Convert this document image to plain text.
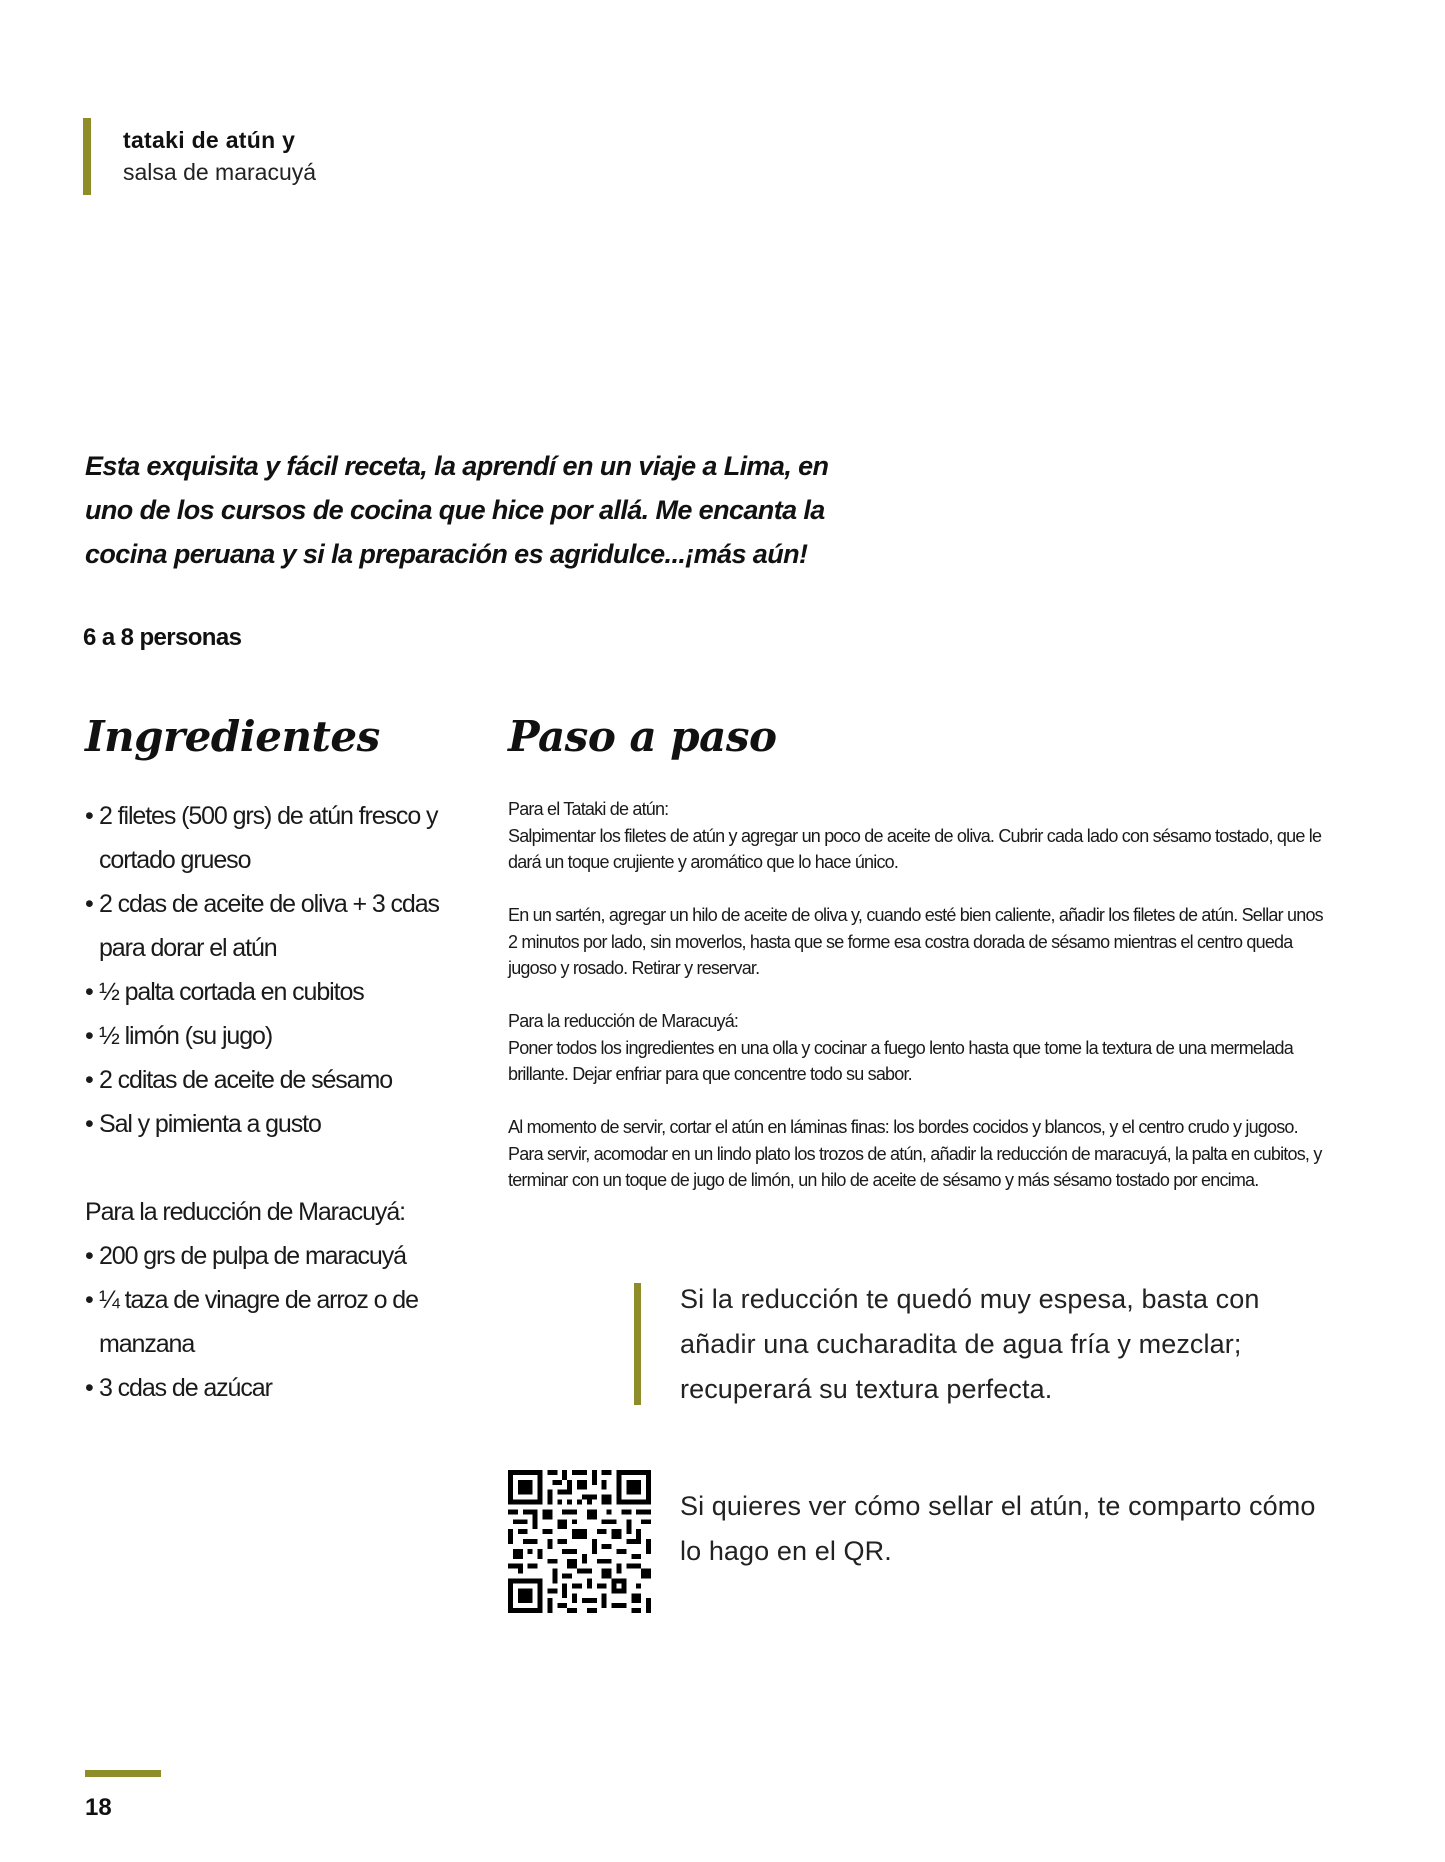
tataki de atún y
salsa de maracuyá
Esta exquisita y fácil receta, la aprendí en un viaje a Lima, en
uno de los cursos de cocina que hice por allá. Me encanta la
cocina peruana y si la preparación es agridulce...¡más aún!
6 a 8 personas
Ingredientes	Paso a paso
• 2 filetes (500 grs) de atún fresco y cortado grueso
• 2 cdas de aceite de oliva + 3 cdas para dorar el atún
• ½ palta cortada en cubitos
• ½ limón (su jugo)
• 2 cditas de aceite de sésamo
• Sal y pimienta a gusto
Para la reducción de Maracuyá:
• 200 grs de pulpa de maracuyá
• ¼ taza de vinagre de arroz o de manzana
• 3 cdas de azúcar

Para el Tataki de atún:
Salpimentar los filetes de atún y agregar un poco de aceite de oliva. Cubrir cada lado con sésamo tostado, que le dará un toque crujiente y aromático que lo hace único.

En un sartén, agregar un hilo de aceite de oliva y, cuando esté bien caliente, añadir los filetes de atún. Sellar unos 2 minutos por lado, sin moverlos, hasta que se forme esa costra dorada de sésamo mientras el centro queda jugoso y rosado. Retirar y reservar.

Para la reducción de Maracuyá:
Poner todos los ingredientes en una olla y cocinar a fuego lento hasta que tome la textura de una mermelada brillante. Dejar enfriar para que concentre todo su sabor.

Al momento de servir, cortar el atún en láminas finas: los bordes cocidos y blancos, y el centro crudo y jugoso. Para servir, acomodar en un lindo plato los trozos de atún, añadir la reducción de maracuyá, la palta en cubitos, y terminar con un toque de jugo de limón, un hilo de aceite de sésamo y más sésamo tostado por encima.

Si la reducción te quedó muy espesa, basta con añadir una cucharadita de agua fría y mezclar; recuperará su textura perfecta.
Si quieres ver cómo sellar el atún, te comparto cómo lo hago en el QR.
18
